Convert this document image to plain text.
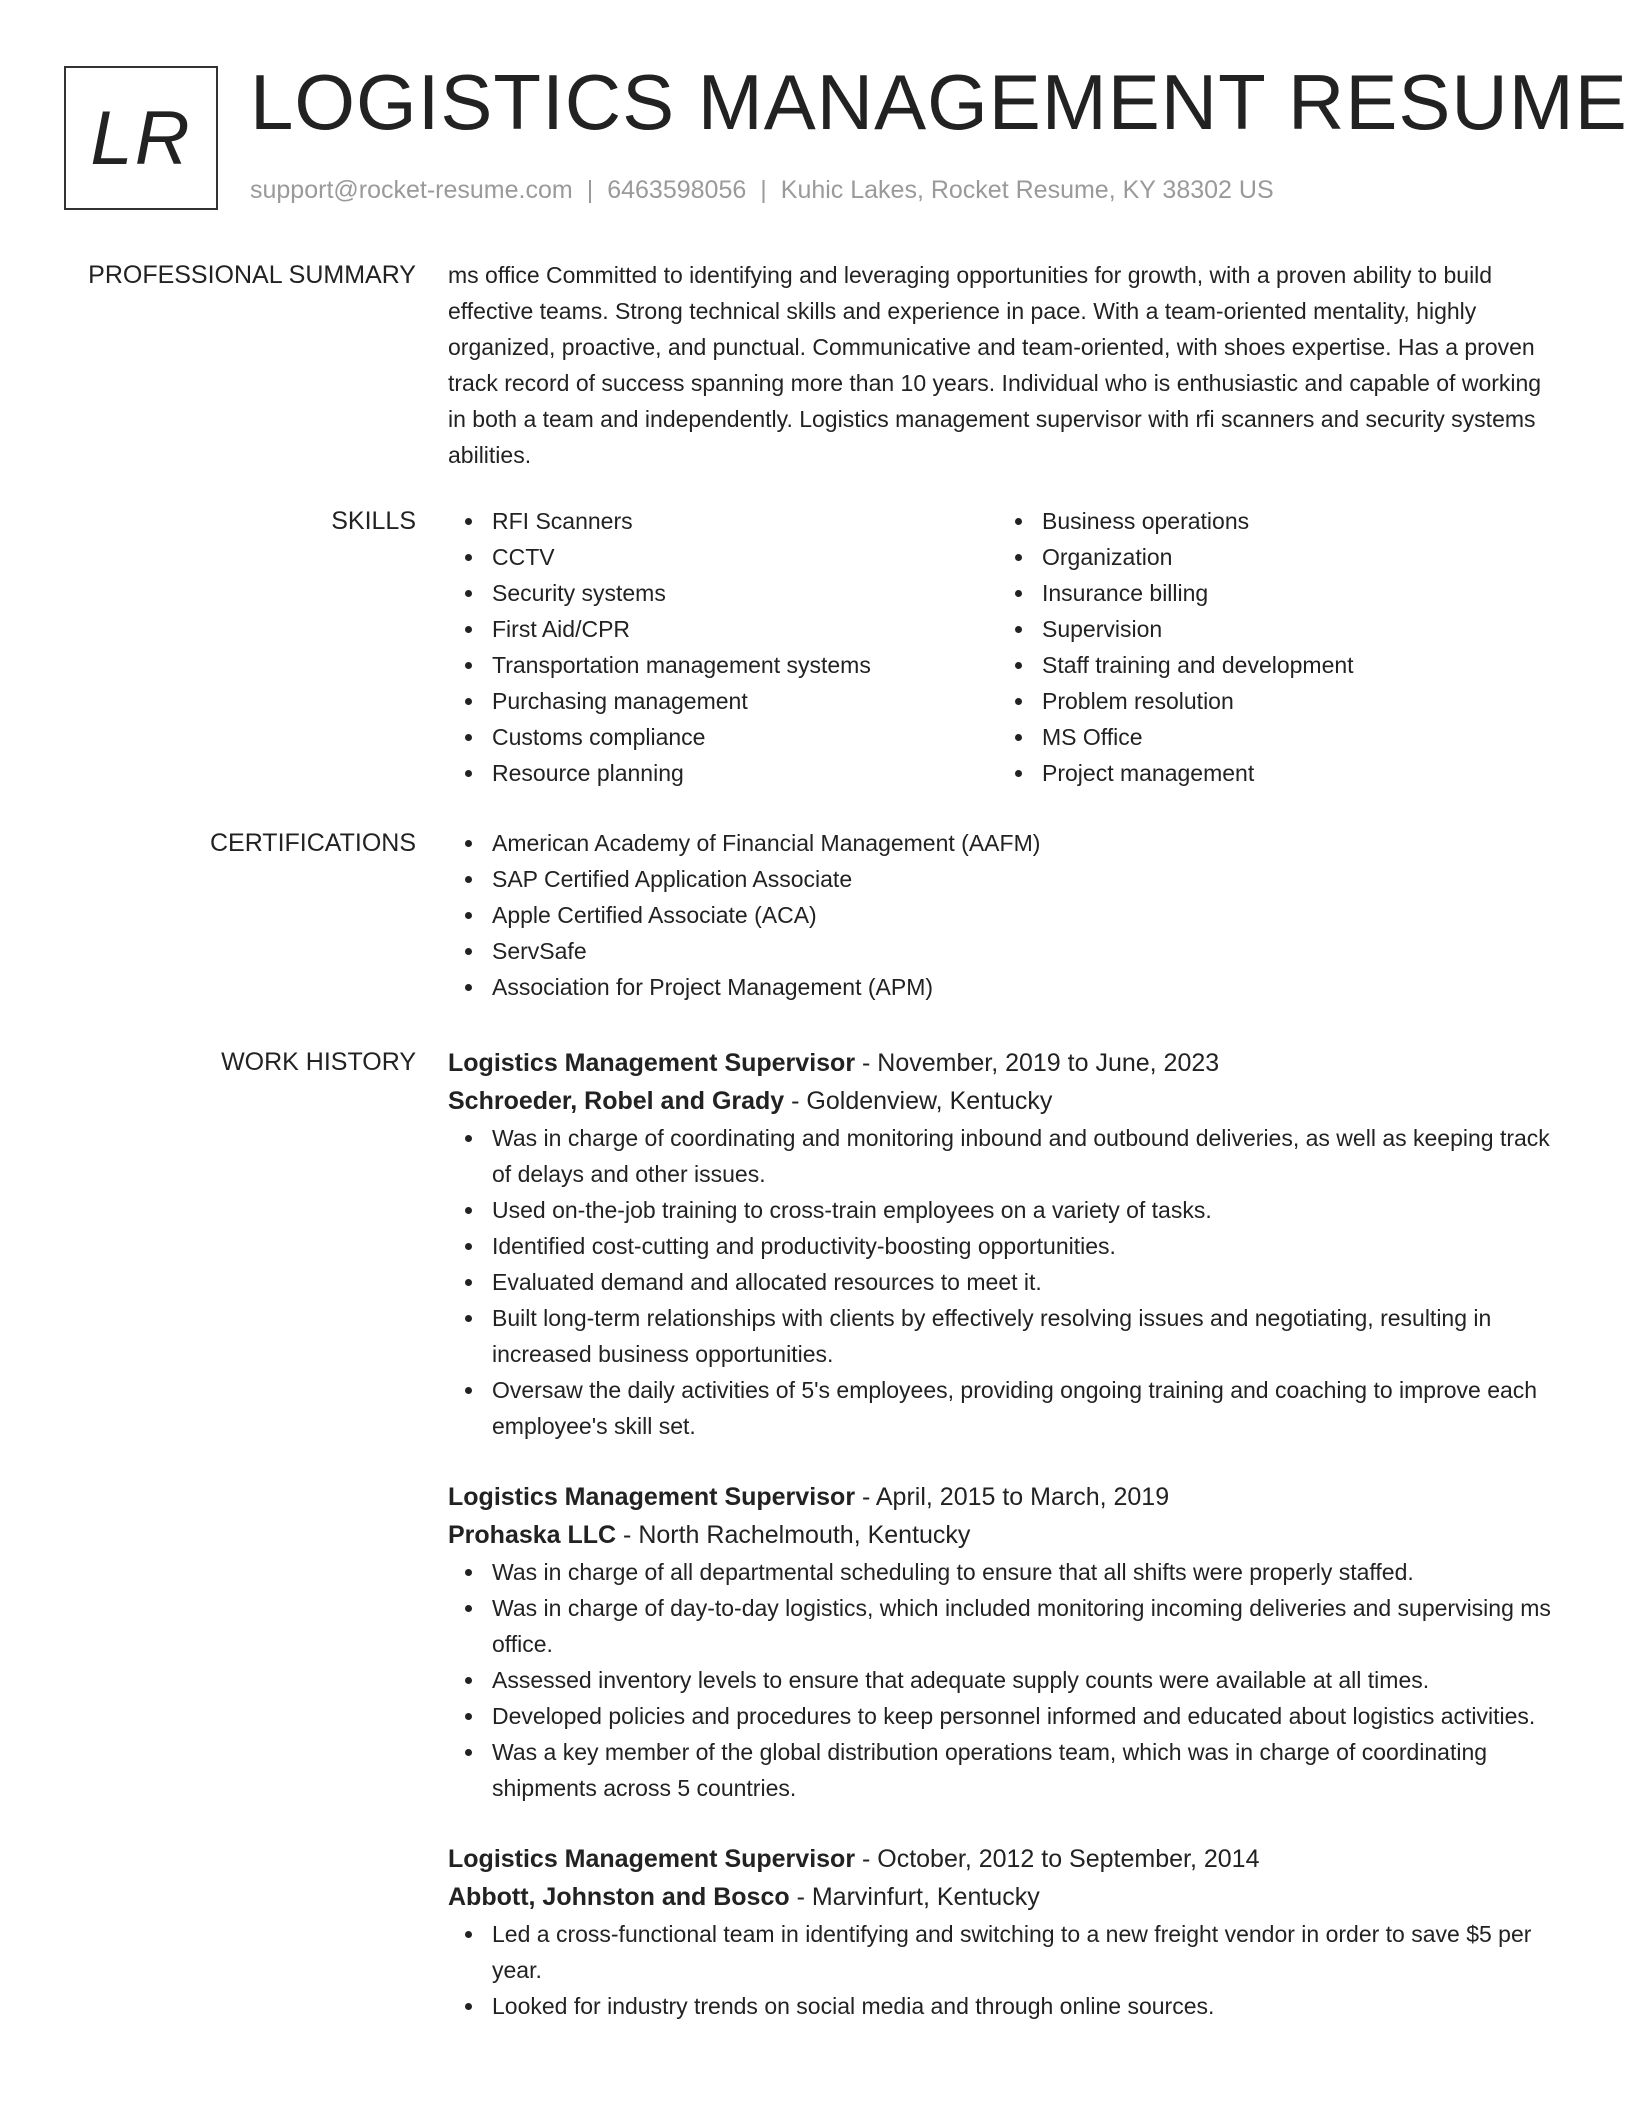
LR LOGISTICS MANAGEMENT RESUME
support@rocket-resume.com | 6463598056 | Kuhic Lakes, Rocket Resume, KY 38302 US
PROFESSIONAL SUMMARY ms office Committed to identifying and leveraging opportunities for growth, with a proven ability to build effective teams. Strong technical skills and experience in pace. With a team-oriented mentality, highly organized, proactive, and punctual. Communicative and team-oriented, with shoes expertise. Has a proven track record of success spanning more than 10 years. Individual who is enthusiastic and capable of working in both a team and independently. Logistics management supervisor with rfi scanners and security systems abilities.

SKILLS	RFI Scanners
CCTV
Security systems
First Aid/CPR
Transportation management systems
Purchasing management
Customs compliance
Resource planning
Business operations
Organization
Insurance billing
Supervision
Staff training and development
Problem resolution
MS Office
Project management
CERTIFICATIONS	American Academy of Financial Management (AAFM)
SAP Certified Application Associate
Apple Certified Associate (ACA)
ServSafe
Association for Project Management (APM)
WORK HISTORY Logistics Management Supervisor - November, 2019 to June, 2023
Schroeder, Robel and Grady - Goldenview, Kentucky
Was in charge of coordinating and monitoring inbound and outbound deliveries, as well as keeping track of delays and other issues.
Used on-the-job training to cross-train employees on a variety of tasks.
Identified cost-cutting and productivity-boosting opportunities.
Evaluated demand and allocated resources to meet it.
Built long-term relationships with clients by effectively resolving issues and negotiating, resulting in increased business opportunities.
Oversaw the daily activities of 5's employees, providing ongoing training and coaching to improve each employee's skill set.
Logistics Management Supervisor - April, 2015 to March, 2019
Prohaska LLC - North Rachelmouth, Kentucky
Was in charge of all departmental scheduling to ensure that all shifts were properly staffed.
Was in charge of day-to-day logistics, which included monitoring incoming deliveries and supervising ms office.
Assessed inventory levels to ensure that adequate supply counts were available at all times.
Developed policies and procedures to keep personnel informed and educated about logistics activities.
Was a key member of the global distribution operations team, which was in charge of coordinating shipments across 5 countries.
Logistics Management Supervisor - October, 2012 to September, 2014
Abbott, Johnston and Bosco - Marvinfurt, Kentucky
Led a cross-functional team in identifying and switching to a new freight vendor in order to save $5 per year.
Looked for industry trends on social media and through online sources.
